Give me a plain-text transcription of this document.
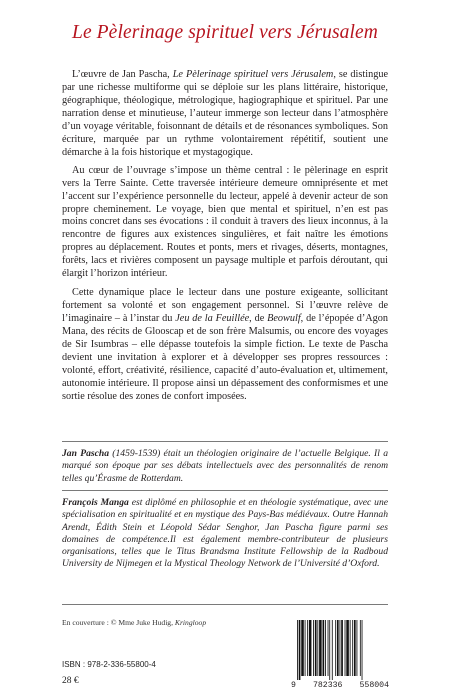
Le Pèlerinage spirituel vers Jérusalem

L’œuvre de Jan Pascha, Le Pèlerinage spirituel vers Jérusalem, se distingue par une richesse multiforme qui se déploie sur les plans littéraire, historique, géographique, théologique, métrologique, hagiographique et spirituel. Par une narration dense et minutieuse, l’auteur immerge son lecteur dans l’atmosphère d’un voyage véritable, foisonnant de détails et de résonances symboliques. Son écriture, marquée par un rythme volontairement répétitif, soutient une démarche à la fois historique et mystagogique.

Au cœur de l’ouvrage s’impose un thème central : le pèlerinage en esprit vers la Terre Sainte. Cette traversée intérieure demeure omniprésente et met l’accent sur l’expérience personnelle du lecteur, appelé à devenir acteur de son propre cheminement. Le voyage, bien que mental et spirituel, n’en est pas moins concret dans ses évocations : il conduit à travers des lieux inconnus, à la rencontre de figures aux existences singulières, et fait naître les émotions propres au déplacement. Routes et ponts, mers et rivages, déserts, montagnes, forêts, lacs et rivières composent un paysage multiple et parfois déroutant, qui élargit l’horizon intérieur.

Cette dynamique place le lecteur dans une posture exigeante, sollicitant fortement sa volonté et son engagement personnel. Si l’œuvre relève de l’imaginaire – à l’instar du Jeu de la Feuillée, de Beowulf, de l’épopée d’Agon Mana, des récits de Glooscap et de son frère Malsumis, ou encore des voyages de Sir Isumbras – elle dépasse toutefois la simple fiction. Le texte de Pascha devient une invitation à explorer et à développer ses propres ressources : volonté, effort, créativité, résilience, capacité d’auto-évaluation et, ultimement, autonomie intérieure. Il propose ainsi un dépassement des conformismes et une sortie résolue des zones de confort imposées.

Jan Pascha (1459-1539) était un théologien originaire de l’actuelle Belgique. Il a marqué son époque par ses débats intellectuels avec des personnalités de renom telles qu’Érasme de Rotterdam.
François Manga est diplômé en philosophie et en théologie systématique, avec une spécialisation en spiritualité et en mystique des Pays-Bas médiévaux. Outre Hannah Arendt, Édith Stein et Léopold Sédar Senghor, Jan Pascha figure parmi ses domaines de compétence.Il est également membre-contributeur de plusieurs organisations, telles que le Titus Brandsma Institute Fellowship de la Radboud University de Nijmegen et la Mystical Theology Network de l’Université d’Oxford.
En couverture : © Mme Juke Hudig, Kringloop
ISBN : 978-2-336-55800-4
28 €	9 782336 558004
